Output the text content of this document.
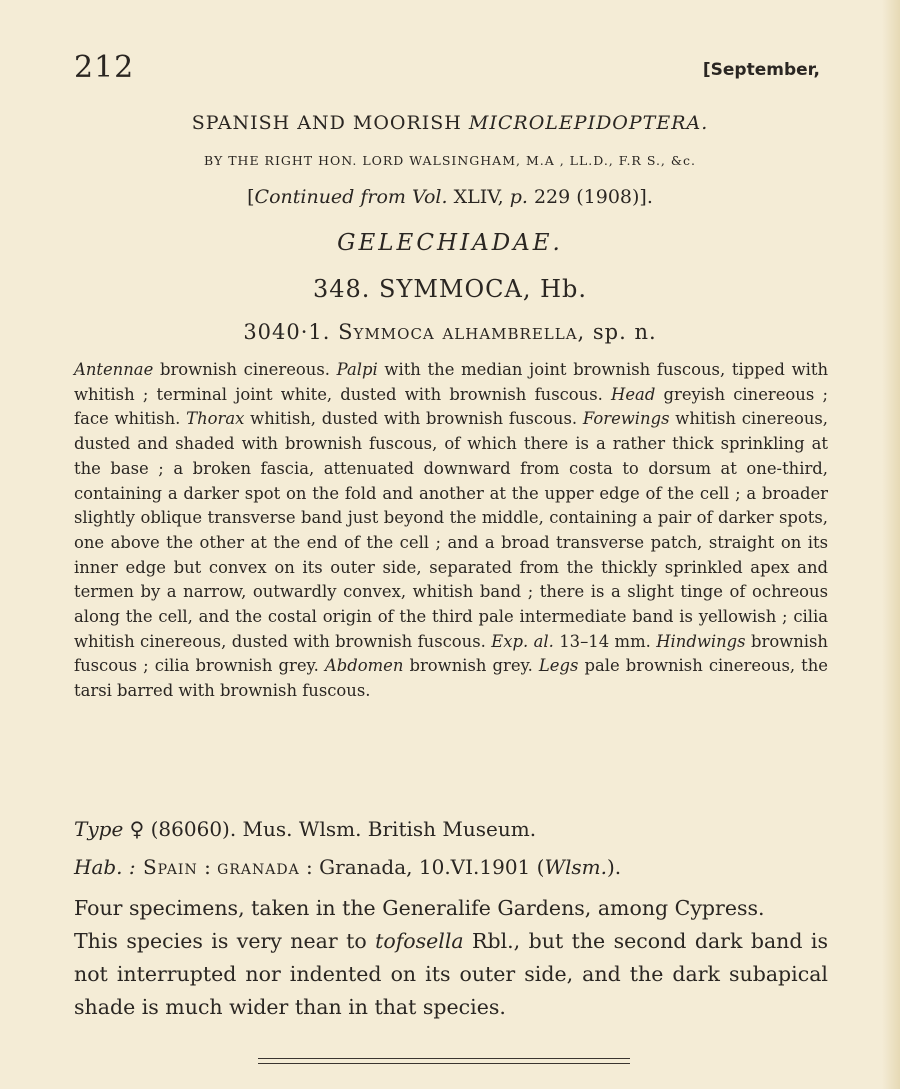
212	[September,
SPANISH AND MOORISH MICROLEPIDOPTERA.
BY THE RIGHT HON. LORD WALSINGHAM, M.A , LL.D., F.R S., &c.
[Continued from Vol. XLIV, p. 229 (1908)].
GELECHIADAE.
348. SYMMOCA, Hb.
3040·1. Symmoca alhambrella, sp. n.
Antennae brownish cinereous. Palpi with the median joint brownish fuscous, tipped with whitish ; terminal joint white, dusted with brownish fuscous. Head greyish cinereous ; face whitish. Thorax whitish, dusted with brownish fuscous. Forewings whitish cinereous, dusted and shaded with brownish fuscous, of which there is a rather thick sprinkling at the base ; a broken fascia, attenuated downward from costa to dorsum at one-third, containing a darker spot on the fold and another at the upper edge of the cell ; a broader slightly oblique transverse band just beyond the middle, containing a pair of darker spots, one above the other at the end of the cell ; and a broad transverse patch, straight on its inner edge but convex on its outer side, separated from the thickly sprinkled apex and termen by a narrow, outwardly convex, whitish band ; there is a slight tinge of ochreous along the cell, and the costal origin of the third pale intermediate band is yellowish ; cilia whitish cinereous, dusted with brownish fuscous. Exp. al. 13–14 mm. Hindwings brownish fuscous ; cilia brownish grey. Abdomen brownish grey. Legs pale brownish cinereous, the tarsi barred with brownish fuscous.
Type ♀ (86060). Mus. Wlsm. British Museum.
Hab. : Spain : granada : Granada, 10.VI.1901 (Wlsm.).
Four specimens, taken in the Generalife Gardens, among Cypress.
This species is very near to tofosella Rbl., but the second dark band is not interrupted nor indented on its outer side, and the dark subapical shade is much wider than in that species.
